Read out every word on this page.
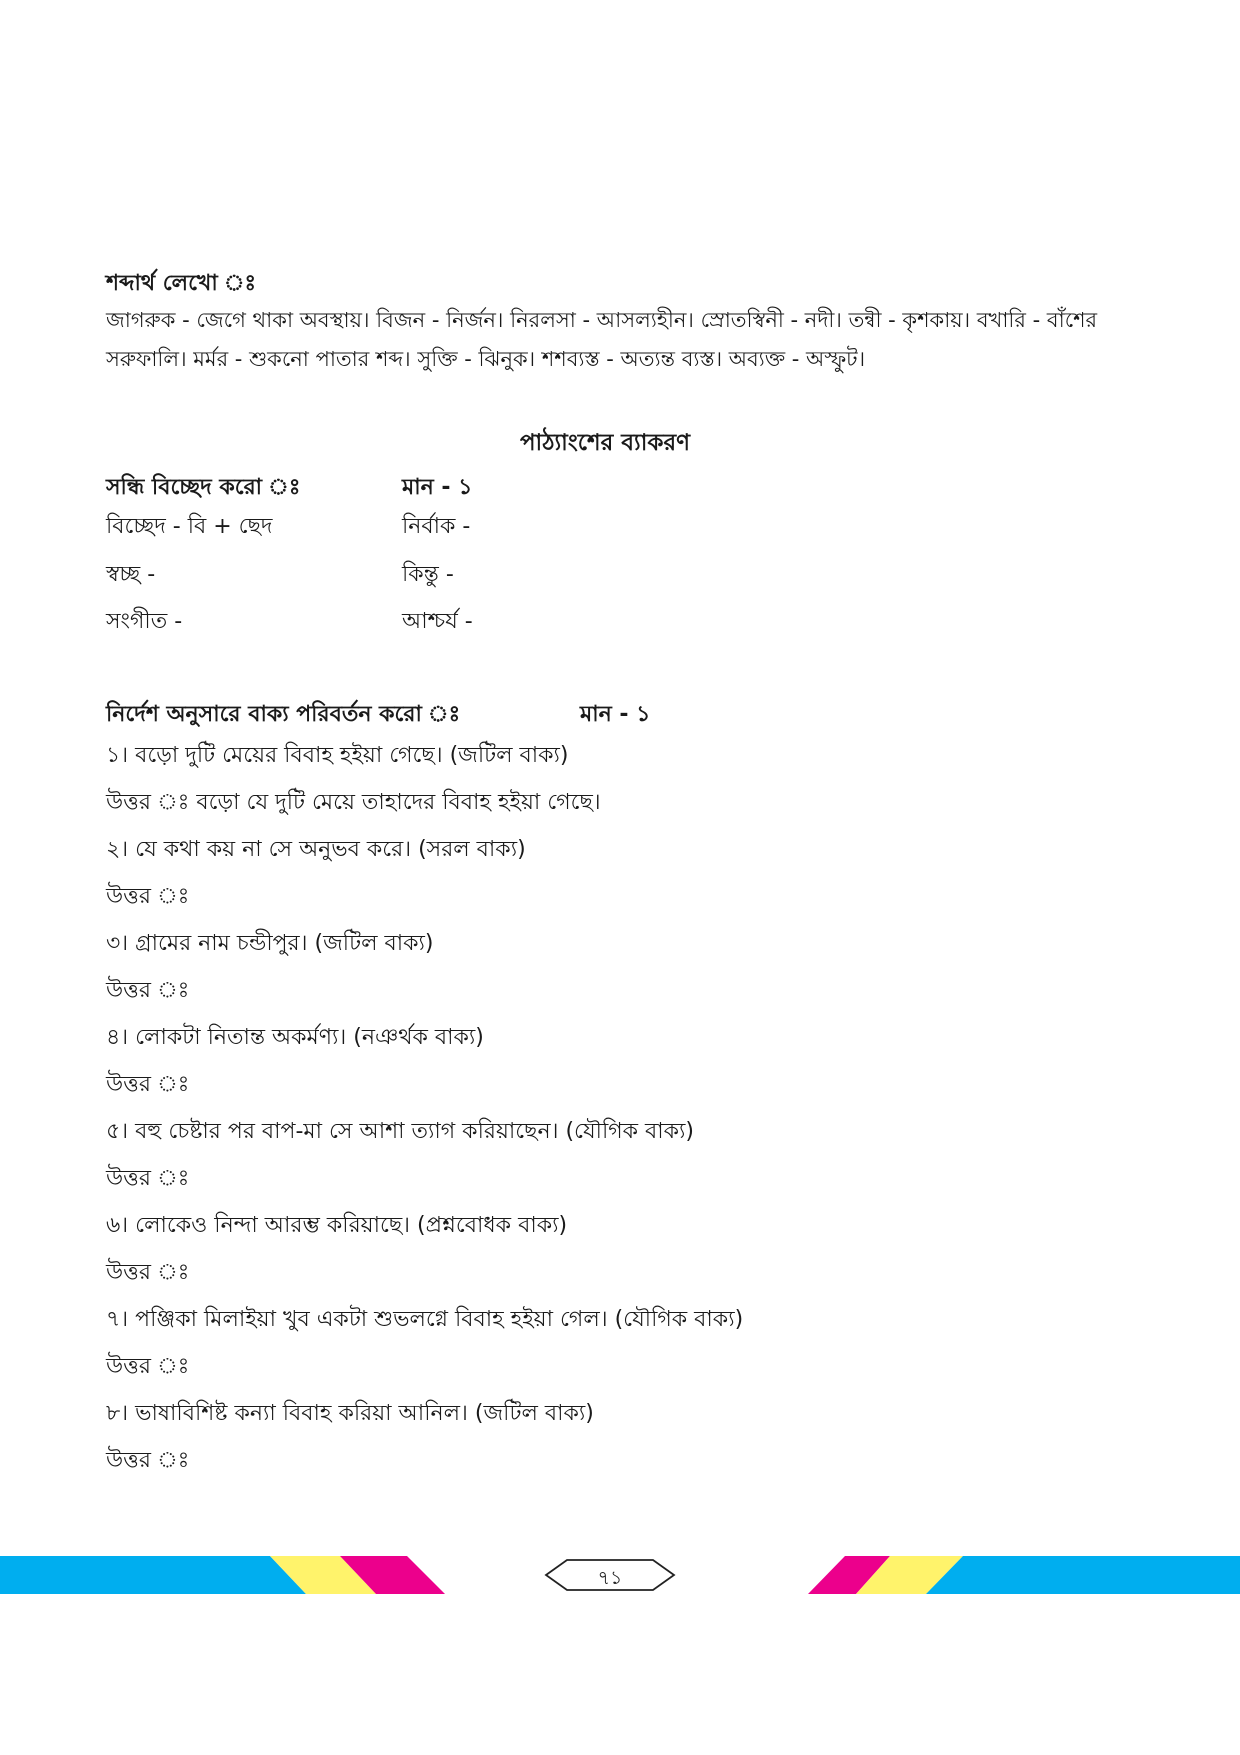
শব্দার্থ লেখো ঃ
জাগরুক - জেগে থাকা অবস্থায়। বিজন - নির্জন। নিরলসা - আসল্যহীন। স্রোতস্বিনী - নদী। তন্বী - কৃশকায়। বখারি - বাঁশের
সরুফালি। মর্মর - শুকনো পাতার শব্দ। সুক্তি - ঝিনুক। শশব্যস্ত - অত্যন্ত ব্যস্ত। অব্যক্ত - অস্ফুট।
পাঠ্যাংশের ব্যাকরণ
সন্ধি বিচ্ছেদ করো ঃ	মান - ১
বিচ্ছেদ - বি + ছেদ	নির্বাক -
স্বচ্ছ -	কিন্তু -
সংগীত -	আশ্চর্য -
নির্দেশ অনুসারে বাক্য পরিবর্তন করো ঃ	মান - ১
১। বড়ো দুটি মেয়ের বিবাহ হইয়া গেছে। (জটিল বাক্য)
উত্তর ঃ বড়ো যে দুটি মেয়ে তাহাদের বিবাহ হইয়া গেছে।
২। যে কথা কয় না সে অনুভব করে। (সরল বাক্য)
উত্তর ঃ
৩। গ্রামের নাম চন্ডীপুর। (জটিল বাক্য)
উত্তর ঃ
৪। লোকটা নিতান্ত অকর্মণ্য। (নঞর্থক বাক্য)
উত্তর ঃ
৫। বহু চেষ্টার পর বাপ-মা সে আশা ত্যাগ করিয়াছেন। (যৌগিক বাক্য)
উত্তর ঃ
৬। লোকেও নিন্দা আরম্ভ করিয়াছে। (প্রশ্নবোধক বাক্য)
উত্তর ঃ
৭। পঞ্জিকা মিলাইয়া খুব একটা শুভলগ্নে বিবাহ হইয়া গেল। (যৌগিক বাক্য)
উত্তর ঃ
৮। ভাষাবিশিষ্ট কন্যা বিবাহ করিয়া আনিল। (জটিল বাক্য)
উত্তর ঃ
৭১
